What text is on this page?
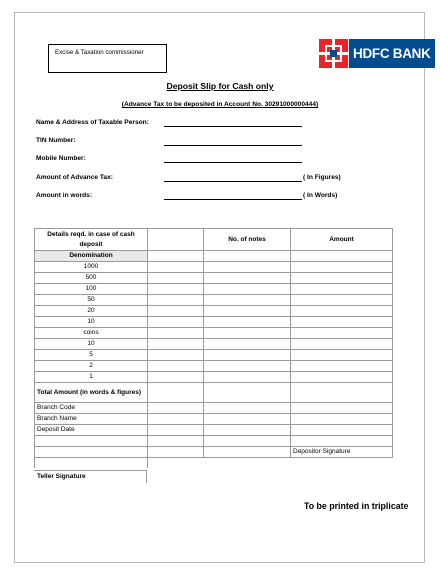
Excise & Taxation commissioner	HDFC BANK
Deposit Slip for Cash only
(Advance Tax to be deposited in Account No. 30291000000444)
Name & Address of Taxable Person:
TIN Number:
Mobile Number:
Amount of Advance Tax:	( In Figures)
Amount in words:	( In Words)
Details reqd. in case of cash deposit		No. of notes	Amount
Denomination			
1000			
500			
100			
50			
20			
10			
coins			
10			
5			
2			
1			
Total Amount (in words & figures)			
Branch Code			
Branch Name			
Deposit Date			

			Depositor Signature

Teller Signature
To be printed in triplicate
